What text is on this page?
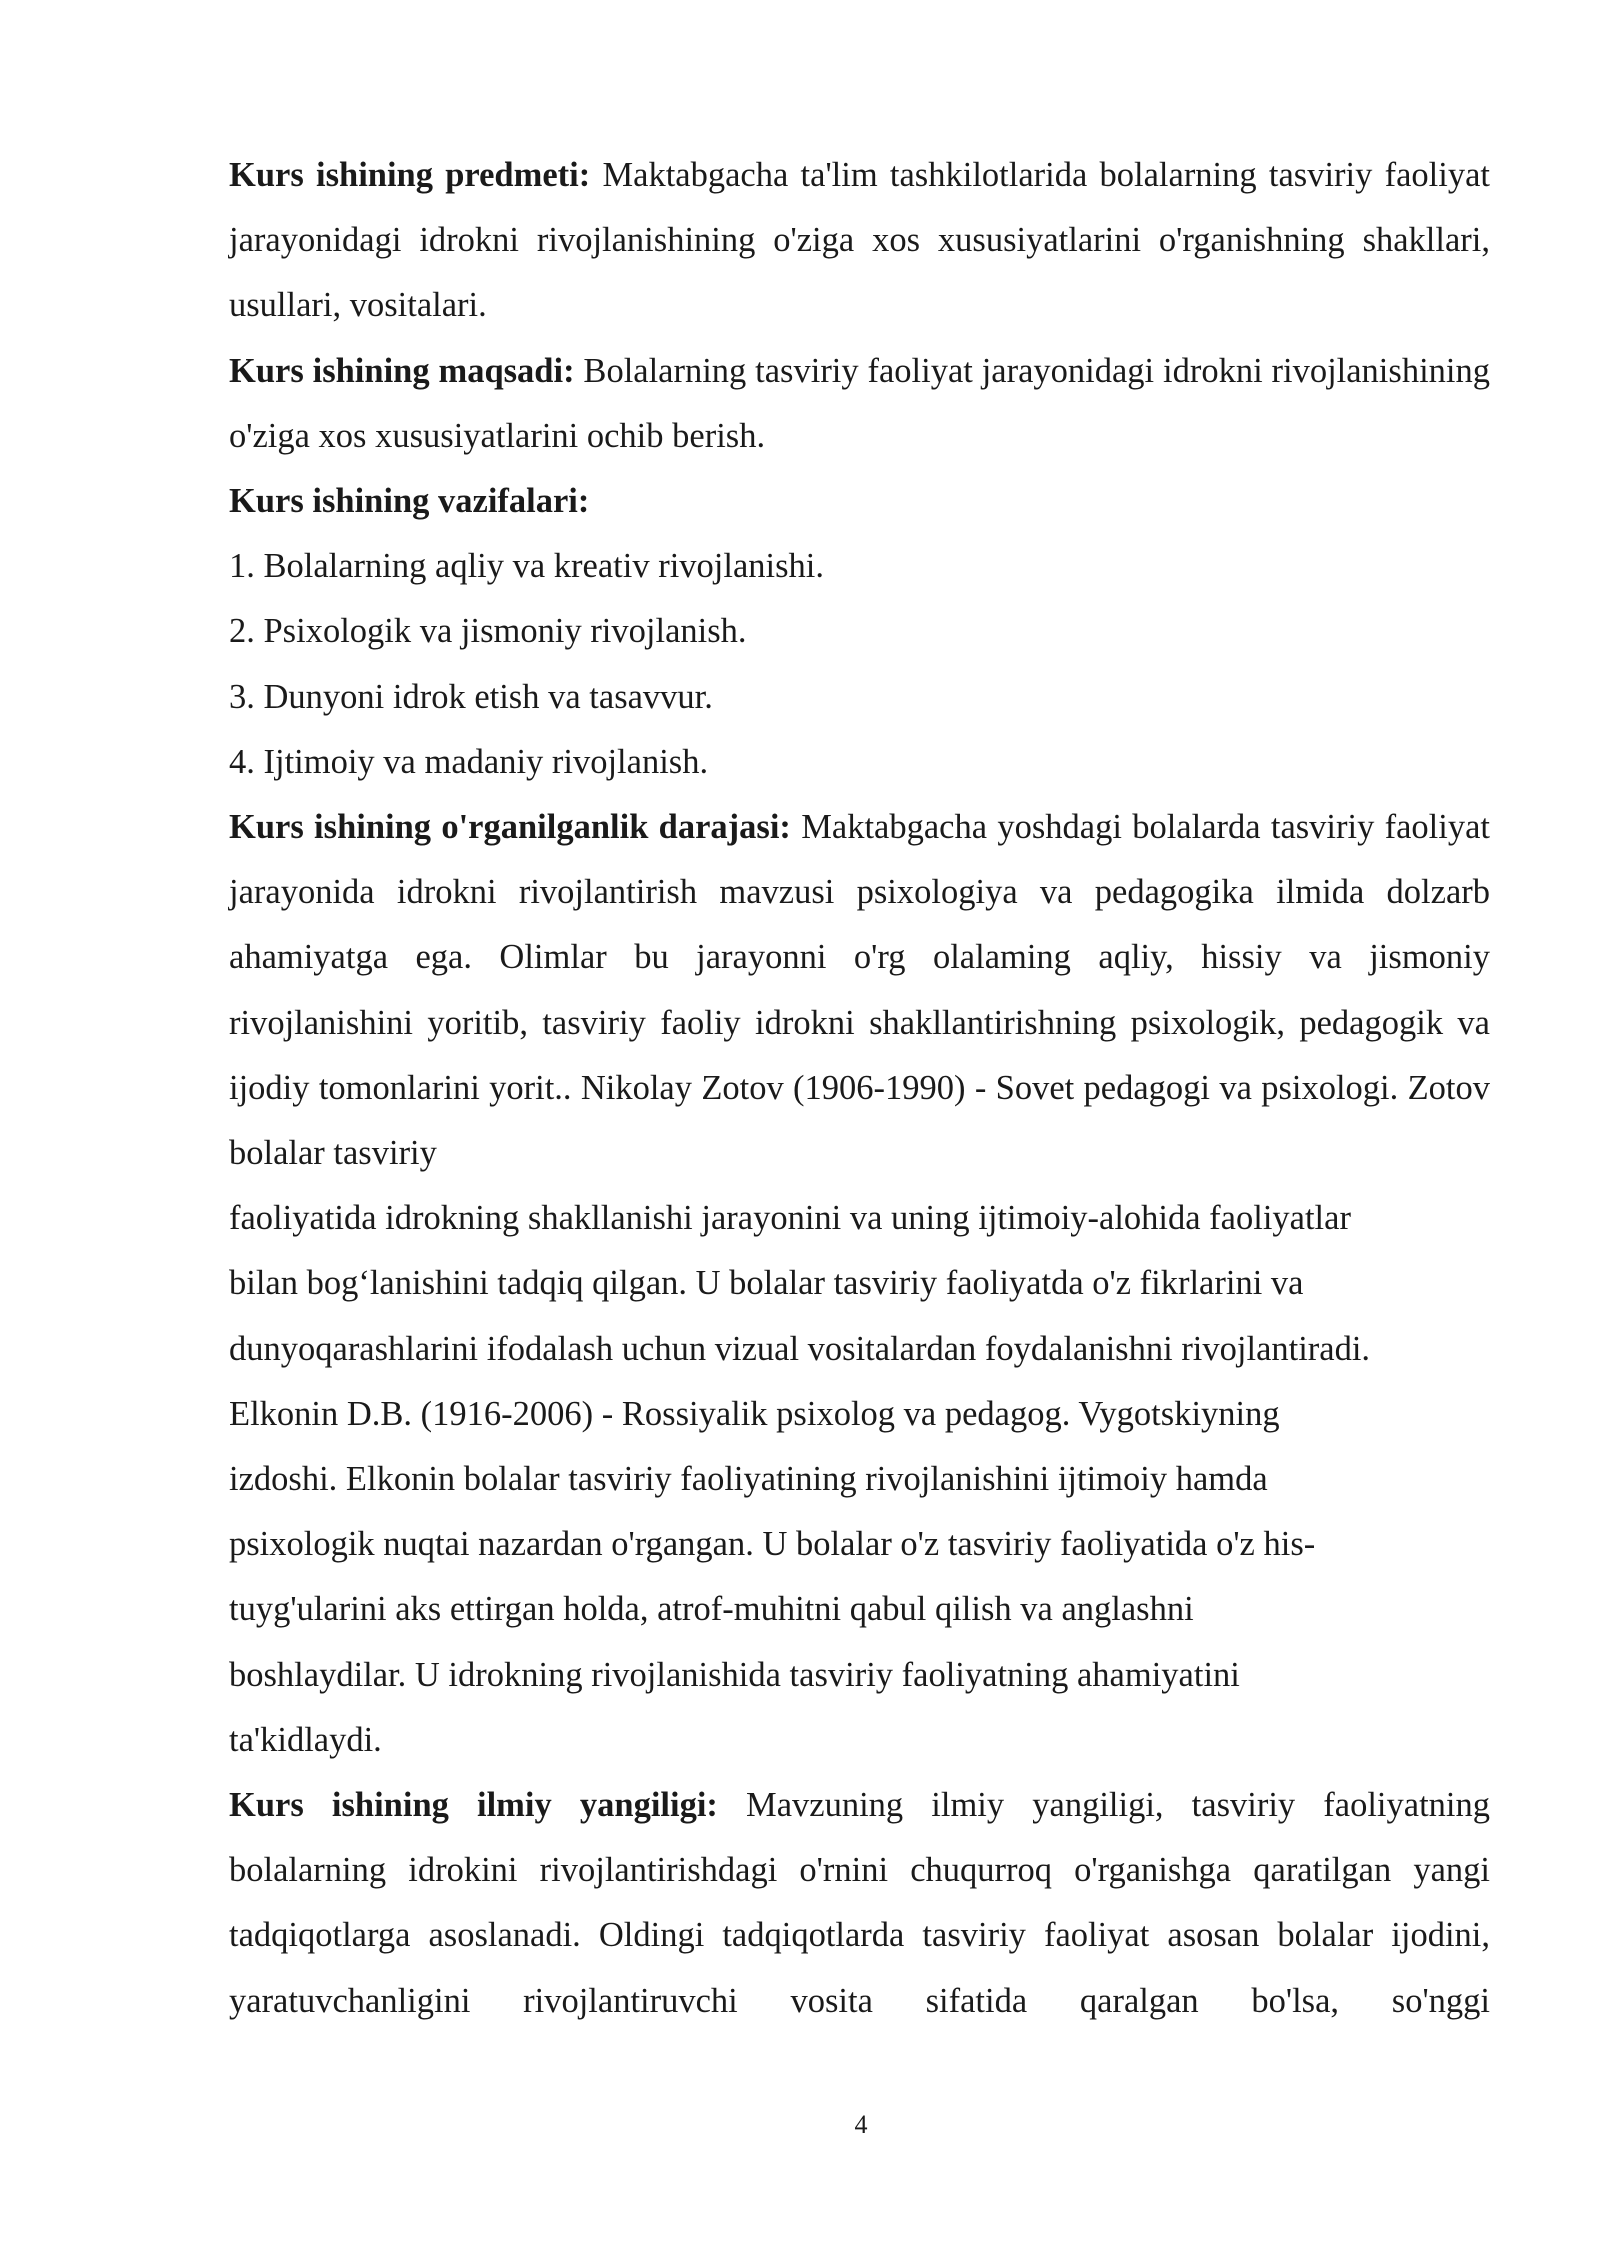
Kurs ishining predmeti: Maktabgacha ta'lim tashkilotlarida bolalarning tasviriy faoliyat jarayonidagi idrokni rivojlanishining o'ziga xos xususiyatlarini o'rganishning shakllari, usullari, vositalari.

Kurs ishining maqsadi: Bolalarning tasviriy faoliyat jarayonidagi idrokni rivojlanishining o'ziga xos xususiyatlarini ochib berish.

Kurs ishining vazifalari:

1. Bolalarning aqliy va kreativ rivojlanishi.

2. Psixologik va jismoniy rivojlanish.

3. Dunyoni idrok etish va tasavvur.

4. Ijtimoiy va madaniy rivojlanish.

Kurs ishining o'rganilganlik darajasi: Maktabgacha yoshdagi bolalarda tasviriy faoliyat jarayonida idrokni rivojlantirish mavzusi psixologiya va pedagogika ilmida dolzarb ahamiyatga ega. Olimlar bu jarayonni o'rg olalaming aqliy, hissiy va jismoniy rivojlanishini yoritib, tasviriy faoliy idrokni shakllantirishning psixologik, pedagogik va ijodiy tomonlarini yorit.. Nikolay Zotov (1906-1990) - Sovet pedagogi va psixologi. Zotov bolalar tasviriy

faoliyatida idrokning shakllanishi jarayonini va uning ijtimoiy-alohida faoliyatlar

bilan bog‘lanishini tadqiq qilgan. U bolalar tasviriy faoliyatda o'z fikrlarini va

dunyoqarashlarini ifodalash uchun vizual vositalardan foydalanishni rivojlantiradi.

Elkonin D.B. (1916-2006) - Rossiyalik psixolog va pedagog. Vygotskiyning

izdoshi. Elkonin bolalar tasviriy faoliyatining rivojlanishini ijtimoiy hamda

psixologik nuqtai nazardan o'rgangan. U bolalar o'z tasviriy faoliyatida o'z his-

tuyg'ularini aks ettirgan holda, atrof-muhitni qabul qilish va anglashni

boshlaydilar. U idrokning rivojlanishida tasviriy faoliyatning ahamiyatini

ta'kidlaydi.

Kurs ishining ilmiy yangiligi: Mavzuning ilmiy yangiligi, tasviriy faoliyatning bolalarning idrokini rivojlantirishdagi o'rnini chuqurroq o'rganishga qaratilgan yangi tadqiqotlarga asoslanadi. Oldingi tadqiqotlarda tasviriy faoliyat asosan bolalar ijodini, yaratuvchanligini rivojlantiruvchi vosita sifatida qaralgan bo'lsa, so'nggi

4
